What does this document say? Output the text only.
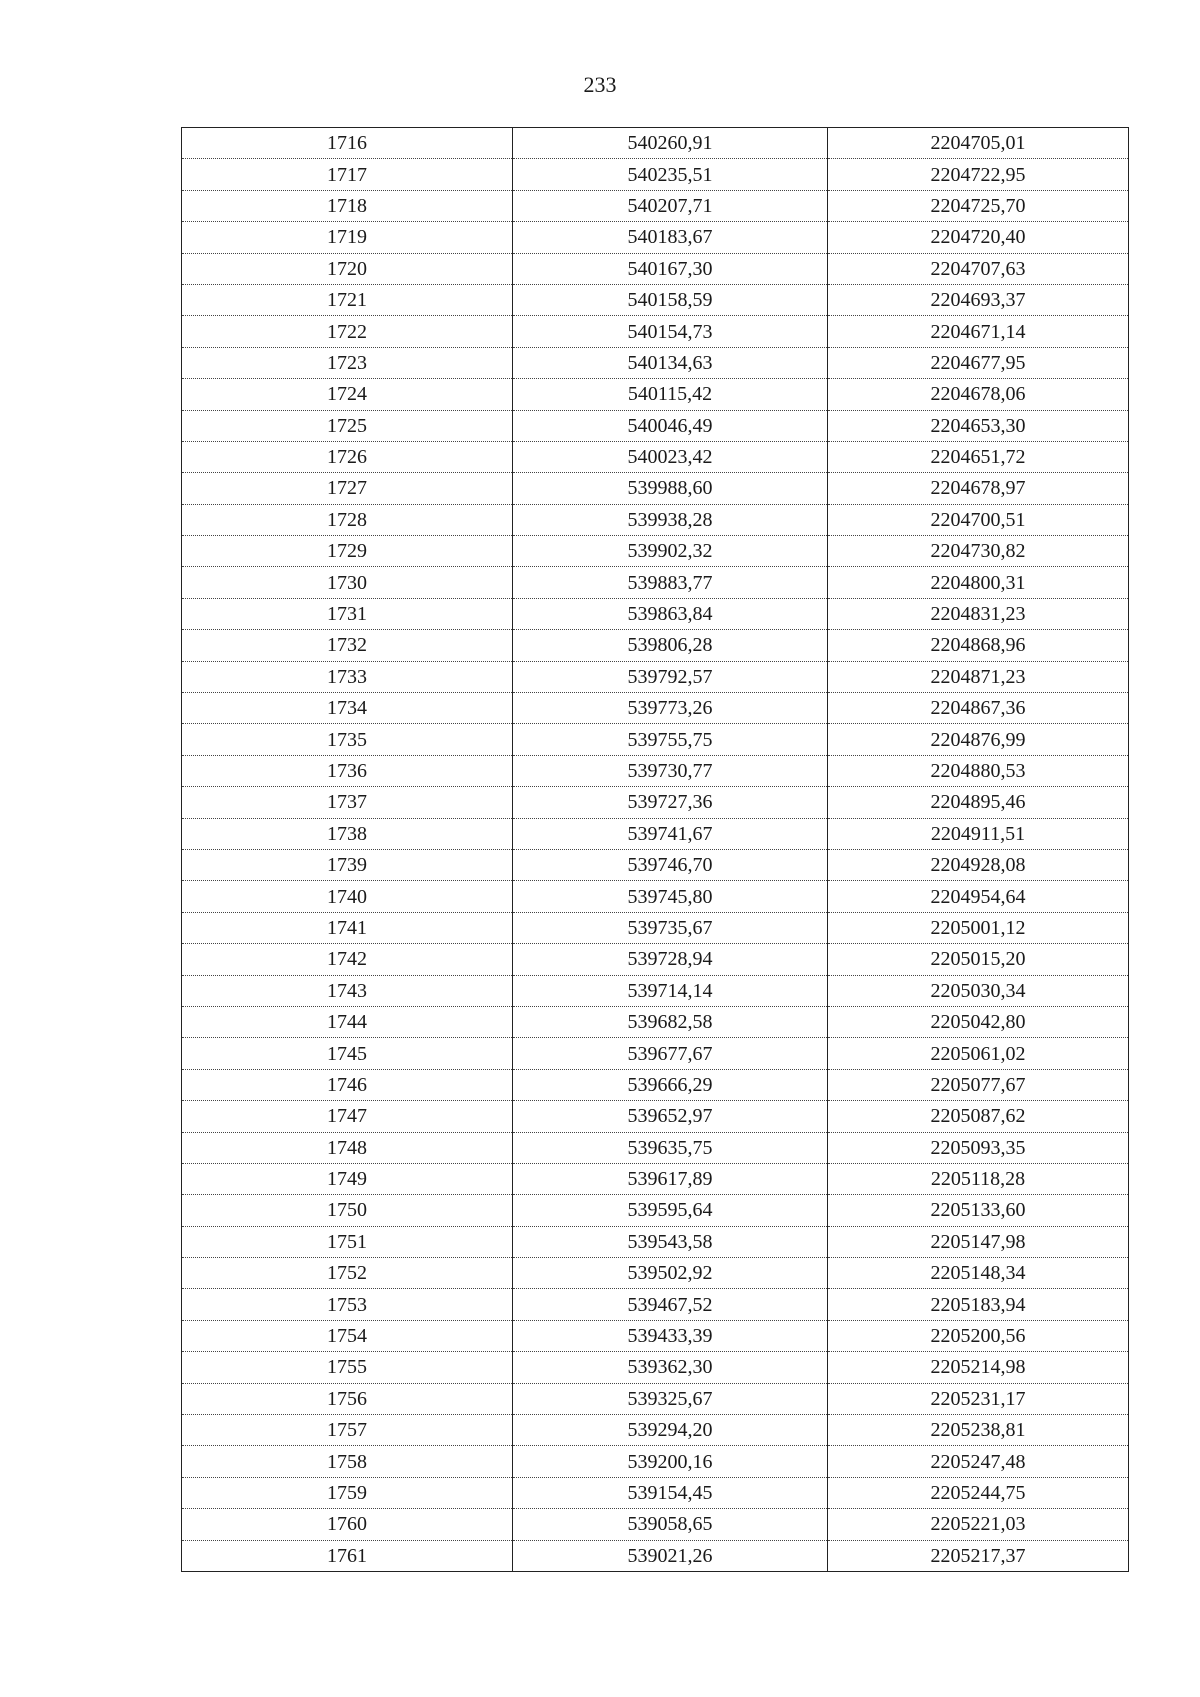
233
1716	540260,91	2204705,01
1717	540235,51	2204722,95
1718	540207,71	2204725,70
1719	540183,67	2204720,40
1720	540167,30	2204707,63
1721	540158,59	2204693,37
1722	540154,73	2204671,14
1723	540134,63	2204677,95
1724	540115,42	2204678,06
1725	540046,49	2204653,30
1726	540023,42	2204651,72
1727	539988,60	2204678,97
1728	539938,28	2204700,51
1729	539902,32	2204730,82
1730	539883,77	2204800,31
1731	539863,84	2204831,23
1732	539806,28	2204868,96
1733	539792,57	2204871,23
1734	539773,26	2204867,36
1735	539755,75	2204876,99
1736	539730,77	2204880,53
1737	539727,36	2204895,46
1738	539741,67	2204911,51
1739	539746,70	2204928,08
1740	539745,80	2204954,64
1741	539735,67	2205001,12
1742	539728,94	2205015,20
1743	539714,14	2205030,34
1744	539682,58	2205042,80
1745	539677,67	2205061,02
1746	539666,29	2205077,67
1747	539652,97	2205087,62
1748	539635,75	2205093,35
1749	539617,89	2205118,28
1750	539595,64	2205133,60
1751	539543,58	2205147,98
1752	539502,92	2205148,34
1753	539467,52	2205183,94
1754	539433,39	2205200,56
1755	539362,30	2205214,98
1756	539325,67	2205231,17
1757	539294,20	2205238,81
1758	539200,16	2205247,48
1759	539154,45	2205244,75
1760	539058,65	2205221,03
1761	539021,26	2205217,37
